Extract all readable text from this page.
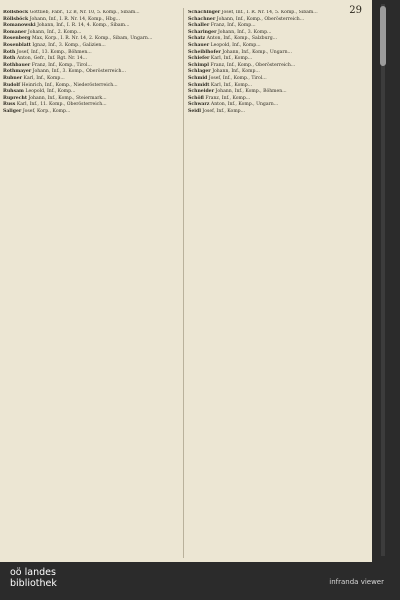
29
Röllsböck Gottlieb, Fabr., 12 B, Nr. 10, 5. Komp., Sibam...
Röllsböck Johann, Inf., I. R. Nr. 14, Komp., Hbg...
Romanowski Johann, Inf., I. R. 14, 4. Komp., Sibam...
Romaner Johann, Inf., 2. Komp...
Rosenberg Max, Korp., I. R. Nr. 14, 2. Komp., Sibam, Ungarn...
Rosenblatt Ignaz, Inf., 3. Komp., Galizien...
Roth Josef, Inf., 13. Komp., Böhmen...
Roth Anton, Gefr., Inf. Rgt. Nr. 14...
Rothbauer Franz, Inf., Komp., Tirol...
Rothmayer Johann, Inf., 3. Komp., Oberösterreich...
Rubner Karl, Inf., Komp...
Rudolf Heinrich, Inf., Komp., Niederösterreich...
Ruhsam Leopold, Inf., Komp...
Ruprecht Johann, Inf., Komp., Steiermark...
Russ Karl, Inf., 11. Komp., Oberösterreich...
Saliger Josef, Korp., Komp...
Schachinger Josef, Inf., I. R. Nr. 14, 5. Komp., Sibam...
Schachner Johann, Inf., Komp., Oberösterreich...
Schaller Franz, Inf., Komp...
Scharinger Johann, Inf., 3. Komp...
Schatz Anton, Inf., Komp., Salzburg...
Schauer Leopold, Inf., Komp...
Scheiblhofer Johann, Inf., Komp., Ungarn...
Schiefer Karl, Inf., Komp...
Schimpl Franz, Inf., Komp., Oberösterreich...
Schlager Johann, Inf., Komp...
Schmid Josef, Inf., Komp., Tirol...
Schmidt Karl, Inf., Komp...
Schneider Johann, Inf., Komp., Böhmen...
Schöfl Franz, Inf., Komp...
Schwarz Anton, Inf., Komp., Ungarn...
Seidl Josef, Inf., Komp...
oö landes
bibliothek	infranda viewer
